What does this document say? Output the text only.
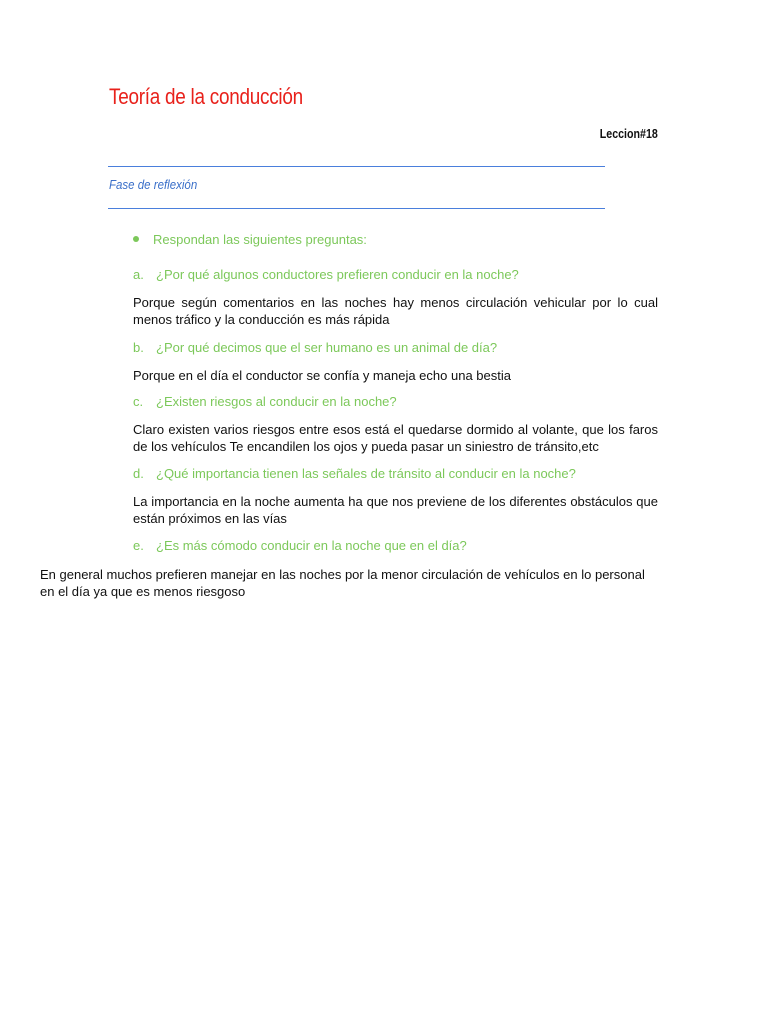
Teoría de la conducción
Leccion#18
Fase de reflexión
Respondan las siguientes preguntas:
a. ¿Por qué algunos conductores prefieren conducir en la noche?
Porque según comentarios en las noches hay menos circulación vehicular por lo cual menos tráfico y la conducción es más rápida
b. ¿Por qué decimos que el ser humano es un animal de día?
Porque en el día el conductor se confía y maneja echo una bestia
c. ¿Existen riesgos al conducir en la noche?
Claro existen varios riesgos entre esos está el quedarse dormido al volante, que los faros de los vehículos Te encandilen los ojos y pueda pasar un siniestro de tránsito,etc
d. ¿Qué importancia tienen las señales de tránsito al conducir en la noche?
La importancia en la noche aumenta ha que nos previene de los diferentes obstáculos que están próximos en las vías
e. ¿Es más cómodo conducir en la noche que en el día?
En general muchos prefieren manejar en las noches por la menor circulación de vehículos en lo personal en el día ya que es menos riesgoso
